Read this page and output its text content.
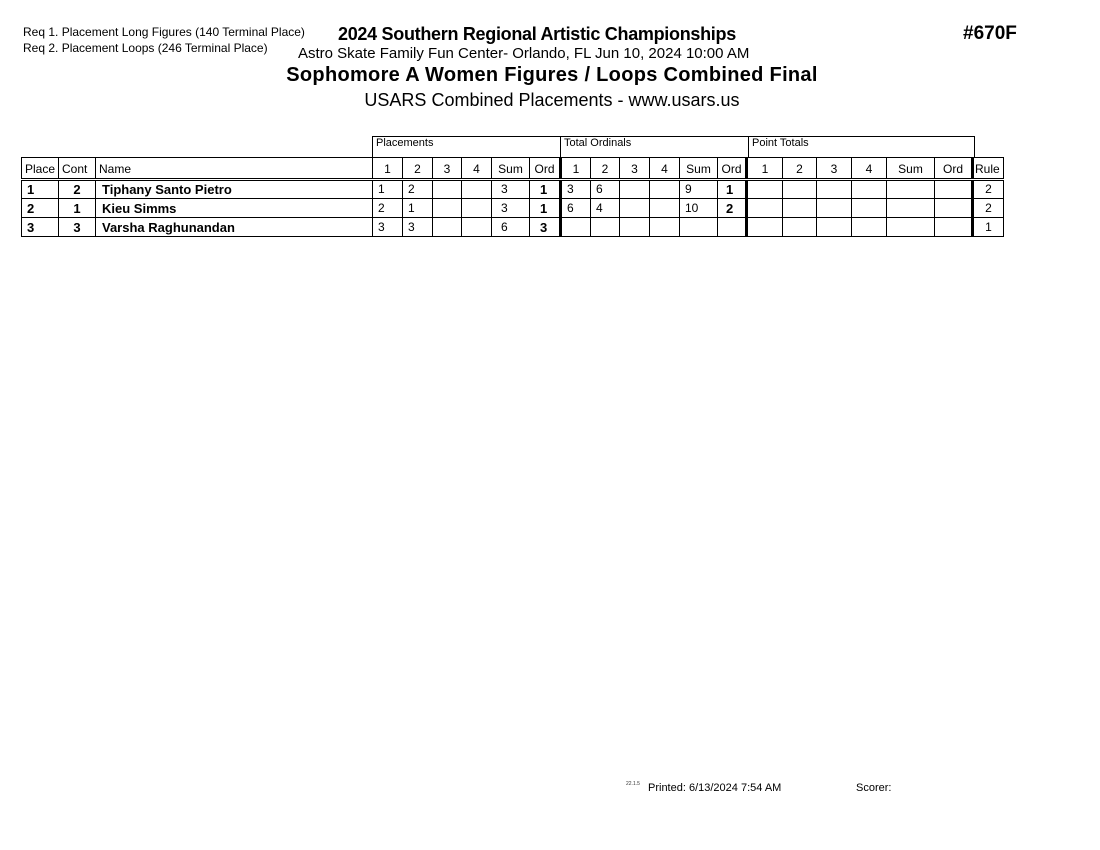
Req 1. Placement Long Figures (140 Terminal Place)
Req 2. Placement Loops (246 Terminal Place)
2024 Southern Regional Artistic Championships
Astro Skate Family Fun Center- Orlando, FL Jun 10, 2024 10:00 AM
Sophomore A Women Figures / Loops Combined Final
USARS Combined Placements - www.usars.us
#670F
Placements	Total Ordinals	Point Totals
Place	Cont	Name	1	2	3	4	Sum	Ord	1	2	3	4	Sum	Ord	1	2	3	4	Sum	Ord	Rule
1	2	Tiphany Santo Pietro	1	2			3	1	3	6			9	1							2
2	1	Kieu Simms	2	1			3	1	6	4			10	2							2
3	3	Varsha Raghunandan	3	3			6	3													1
22.1.5 Printed: 6/13/2024 7:54 AM	Scorer:
